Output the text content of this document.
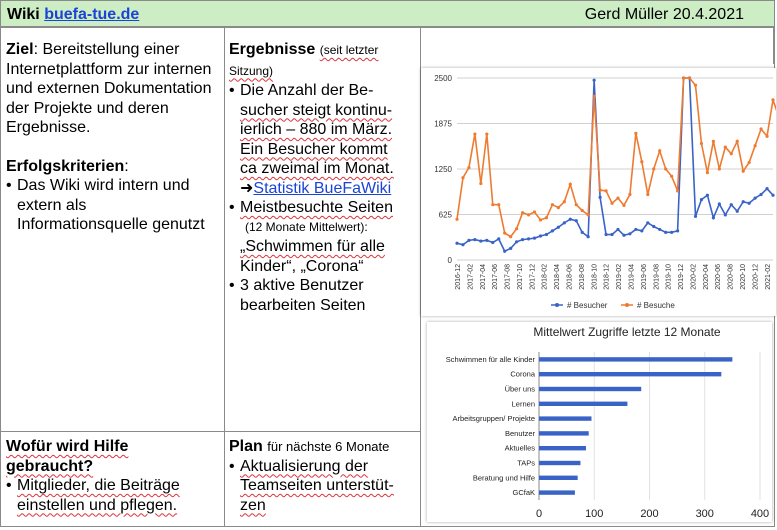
Wiki buefa-tue.de	Gerd Müller 20.4.2021
Ziel: Bereitstellung einer Internetplattform zur internen und externen Dokumentation der Projekte und deren Ergebnisse.
Erfolgskriterien:
• Das Wiki wird intern und extern als Informationsquelle genutzt
Ergebnisse (seit letzter Sitzung)
• Die Anzahl der Be-
sucher steigt kontinu-
ierlich – 880 im März.
Ein Besucher kommt
ca zweimal im Monat.
➜Statistik BueFaWiki
• Meistbesuchte Seiten
(12 Monate Mittelwert):
„Schwimmen für alle
Kinder“, „Corona“
• 3 aktive Benutzer
bearbeiten Seiten
Wofür wird Hilfe
gebraucht?
• Mitglieder, die Beiträge
einstellen und pflegen.
Plan für nächste 6 Monate
• Aktualisierung der
Teamseiten unterstüt-
zen
0
625
1250
1875
2500
2016-12 2017-02 2017-04 2017-06 2017-08 2017-10 2017-12 2018-02 2018-04 2018-06 2018-08 2018-10 2018-12 2019-02 2019-04 2019-06 2019-08 2019-10 2019-12 2020-02 2020-04 2020-06 2020-08 2020-10 2020-12 2021-02
# Besucher	# Besuche
Mittelwert Zugriffe letzte 12 Monate
0	100	200	300	400
Schwimmen für alle Kinder
Corona
Über uns
Lernen
Arbeitsgruppen/ Projekte
Benutzer
Aktuelles
TAPs
Beratung und Hilfe
GCfaK
